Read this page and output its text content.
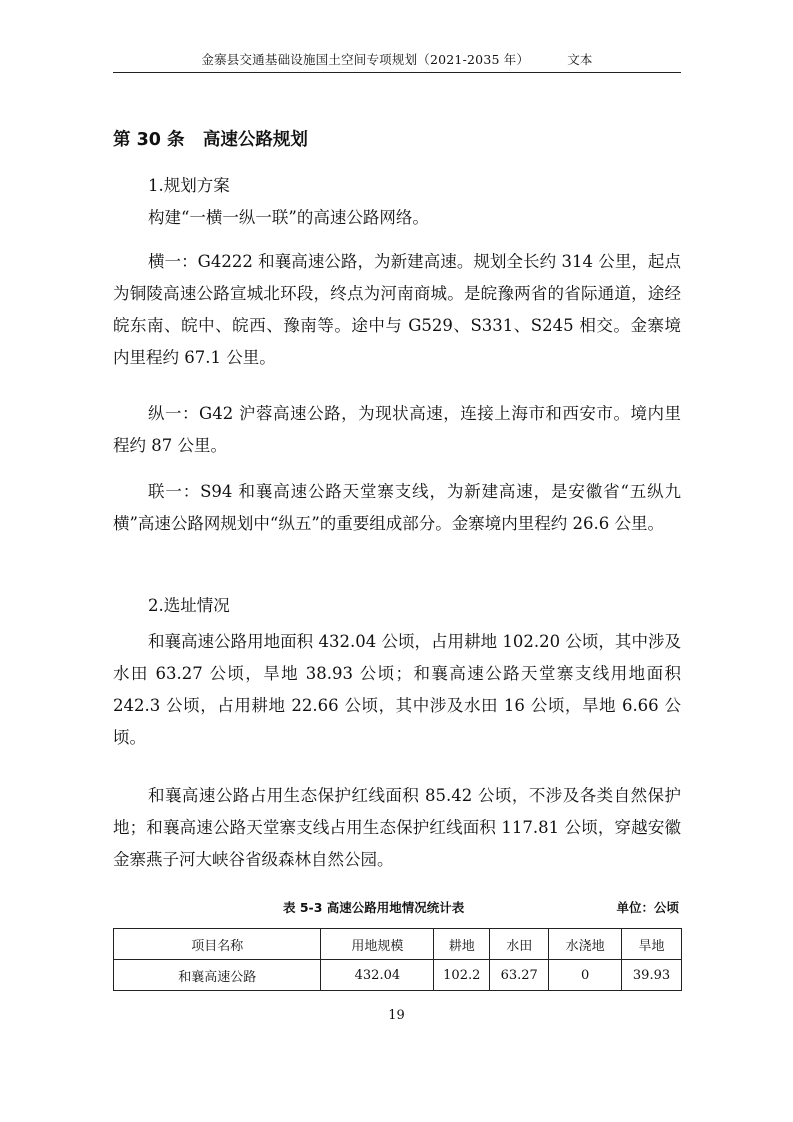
金寨县交通基础设施国土空间专项规划（2021-2035 年）	文本
第 30 条 高速公路规划
1.规划方案
构建“一横一纵一联”的高速公路网络。
横一：G4222 和襄高速公路，为新建高速。规划全长约 314 公里，起点为铜陵高速公路宣城北环段，终点为河南商城。是皖豫两省的省际通道，途经皖东南、皖中、皖西、豫南等。途中与 G529、S331、S245 相交。金寨境内里程约 67.1 公里。
纵一：G42 沪蓉高速公路，为现状高速，连接上海市和西安市。境内里程约 87 公里。
联一：S94 和襄高速公路天堂寨支线，为新建高速，是安徽省“五纵九横”高速公路网规划中“纵五”的重要组成部分。金寨境内里程约 26.6 公里。
2.选址情况
和襄高速公路用地面积 432.04 公顷，占用耕地 102.20 公顷，其中涉及水田 63.27 公顷，旱地 38.93 公顷；和襄高速公路天堂寨支线用地面积 242.3 公顷，占用耕地 22.66 公顷，其中涉及水田 16 公顷，旱地 6.66 公顷。
和襄高速公路占用生态保护红线面积 85.42 公顷，不涉及各类自然保护地；和襄高速公路天堂寨支线占用生态保护红线面积 117.81 公顷，穿越安徽金寨燕子河大峡谷省级森林自然公园。
表 5-3 高速公路用地情况统计表	单位：公顷
项目名称	用地规模	耕地	水田	水浇地	旱地
和襄高速公路	432.04	102.2	63.27	0	39.93
19
